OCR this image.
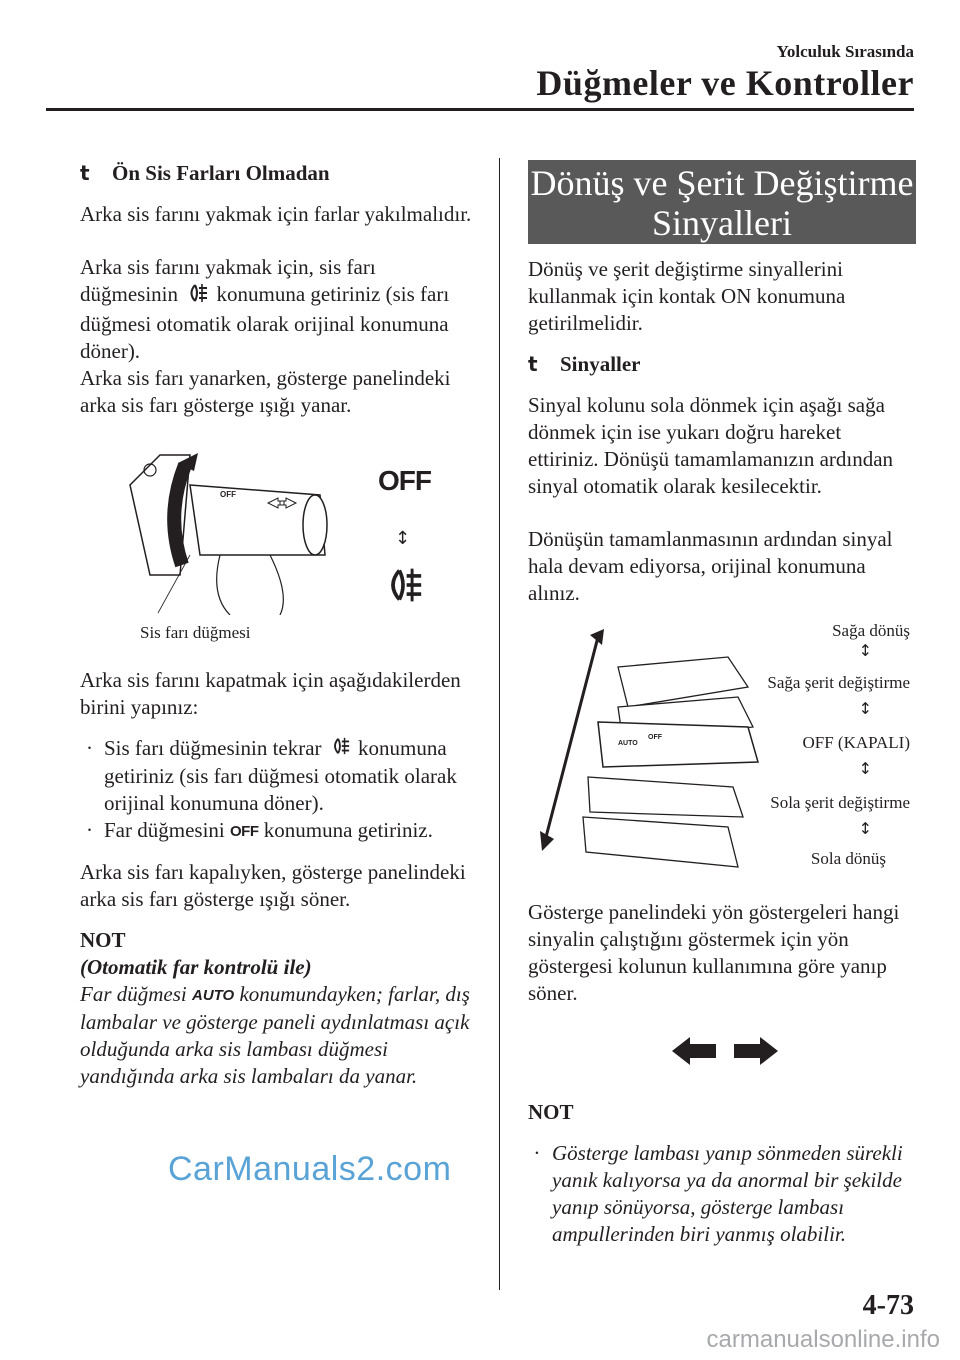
Yolculuk Sırasında
Düğmeler ve Kontroller
t Ön Sis Farları Olmadan

Arka sis farını yakmak için farlar yakılmalıdır.

Arka sis farını yakmak için, sis farı düğmesinin konumuna getiriniz (sis farı düğmesi otomatik olarak orijinal konumuna döner).

Arka sis farı yanarken, gösterge panelindeki arka sis farı gösterge ışığı yanar.

OFF
Sis farı düğmesi
OFF
↕

Arka sis farını kapatmak için aşağıdakilerden birini yapınız:

· Sis farı düğmesinin tekrar konumuna getiriniz (sis farı düğmesi otomatik olarak orijinal konumuna döner).
· Far düğmesini OFF konumuna getiriniz.

Arka sis farı kapalıyken, gösterge panelindeki arka sis farı gösterge ışığı söner.

NOT

(Otomatik far kontrolü ile)

Far düğmesi AUTO konumundayken; farlar, dış lambalar ve gösterge paneli aydınlatması açık olduğunda arka sis lambası düğmesi yandığında arka sis lambaları da yanar.

Dönüş ve Şerit Değiştirme
Sinyalleri

Dönüş ve şerit değiştirme sinyallerini kullanmak için kontak ON konumuna getirilmelidir.

t Sinyaller

Sinyal kolunu sola dönmek için aşağı sağa dönmek için ise yukarı doğru hareket ettiriniz. Dönüşü tamamlamanızın ardından sinyal otomatik olarak kesilecektir.

Dönüşün tamamlanmasının ardından sinyal hala devam ediyorsa, orijinal konumuna alınız.

AUTO
OFF
Sağa dönüş
↕
Sağa şerit değiştirme
↕
OFF (KAPALI)
↕
Sola şerit değiştirme
↕
Sola dönüş

Gösterge panelindeki yön göstergeleri hangi sinyalin çalıştığını göstermek için yön göstergesi kolunun kullanımına göre yanıp söner.

NOT

· Gösterge lambası yanıp sönmeden sürekli yanık kalıyorsa ya da anormal bir şekilde yanıp sönüyorsa, gösterge lambası ampullerinden biri yanmış olabilir.
CarManuals2.com
4-73
carmanualsonline.info
